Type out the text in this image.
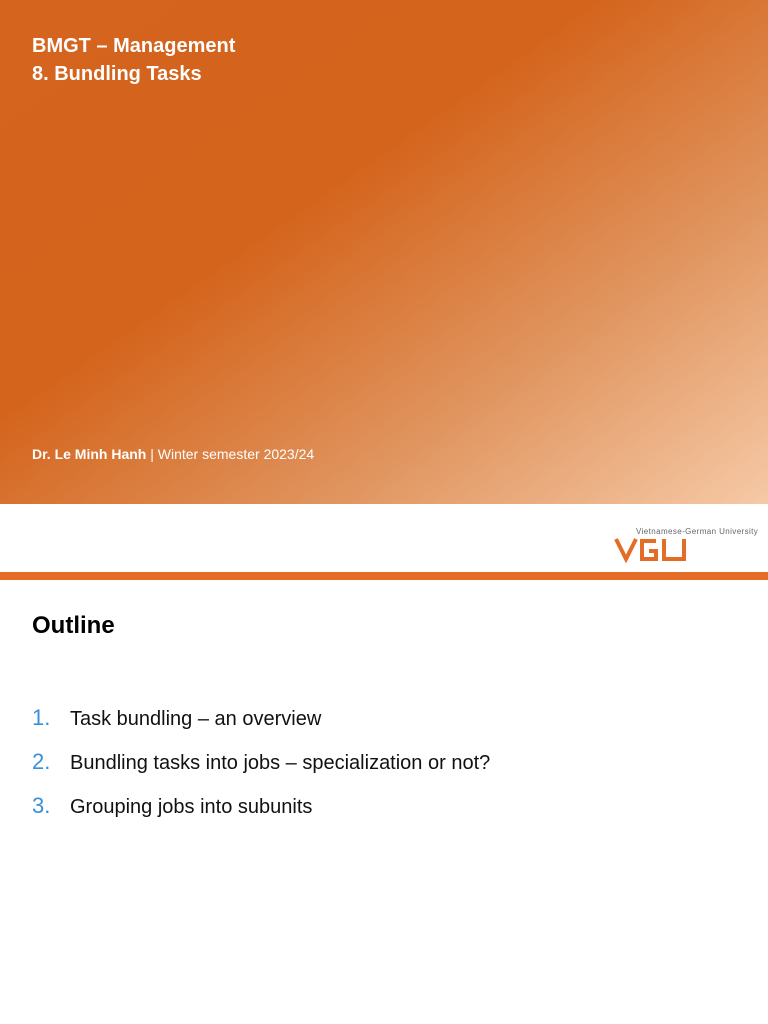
BMGT – Management
8. Bundling Tasks
Dr. Le Minh Hanh | Winter semester 2023/24
Vietnamese-German University
Outline
1. Task bundling – an overview
2. Bundling tasks into jobs – specialization or not?
3. Grouping jobs into subunits
